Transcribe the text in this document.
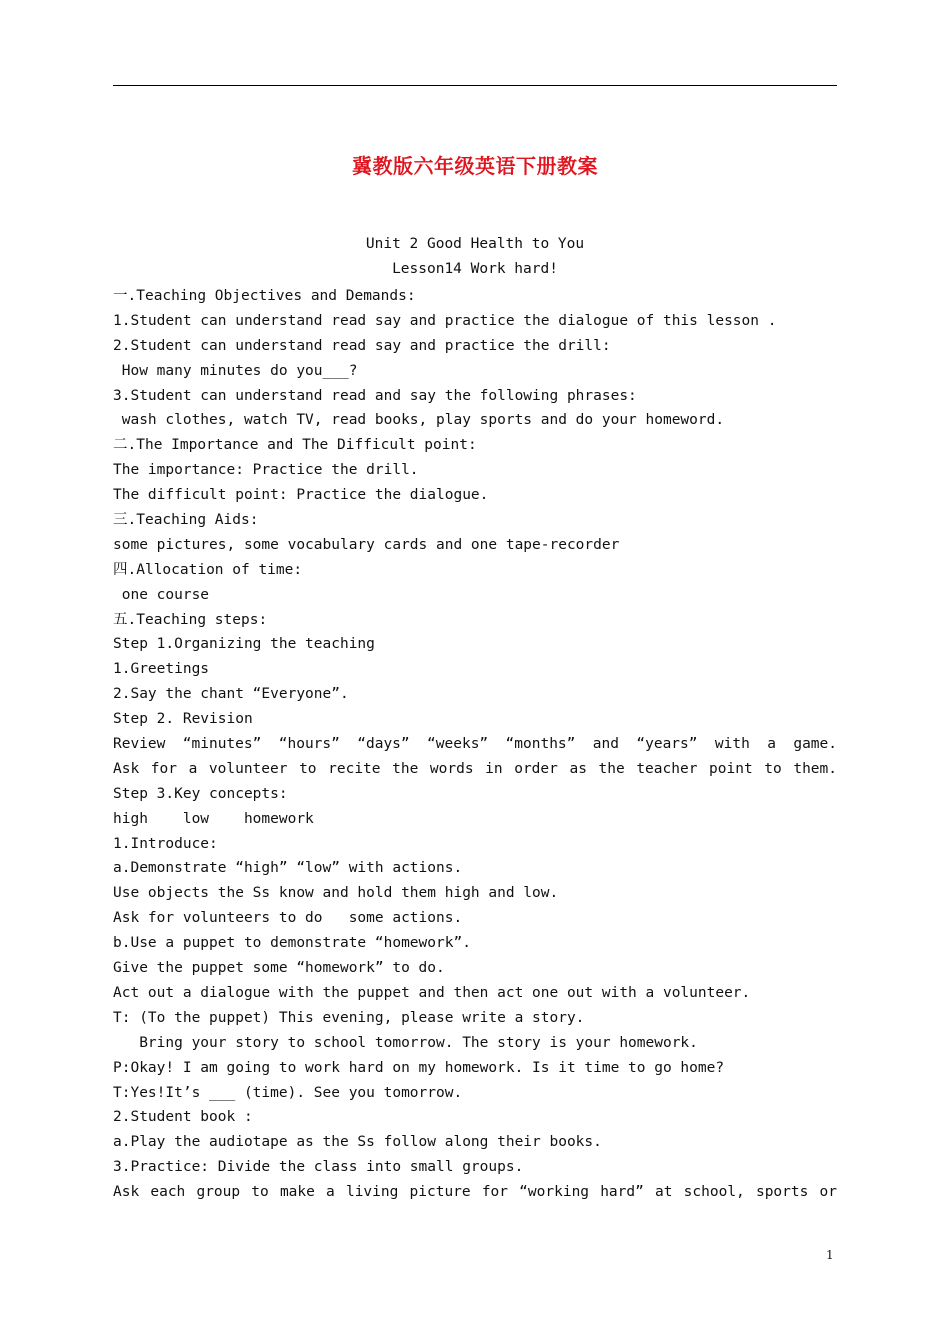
冀教版六年级英语下册教案
Unit 2 Good Health to You
Lesson14 Work hard!
一.Teaching Objectives and Demands:
1.Student can understand read say and practice the dialogue of this lesson .
2.Student can understand read say and practice the drill:
How many minutes do you___?
3.Student can understand read and say the following phrases:
wash clothes, watch TV, read books, play sports and do your homeword.
二.The Importance and The Difficult point:
The importance: Practice the drill.
The difficult point: Practice the dialogue.
三.Teaching Aids:
some pictures, some vocabulary cards and one tape-recorder
四.Allocation of time:
one course
五.Teaching steps:
Step 1.Organizing the teaching
1.Greetings
2.Say the chant “Everyone”.
Step 2. Revision
Review “minutes” “hours” “days” “weeks” “months” and “years” with a game.
Ask for a volunteer to recite the words in order as the teacher point to them.
Step 3.Key concepts:
high    low    homework
1.Introduce:
a.Demonstrate “high” “low” with actions.
Use objects the Ss know and hold them high and low.
Ask for volunteers to do   some actions.
b.Use a puppet to demonstrate “homework”.
Give the puppet some “homework” to do.
Act out a dialogue with the puppet and then act one out with a volunteer.
T: (To the puppet) This evening, please write a story.
Bring your story to school tomorrow. The story is your homework.
P:Okay! I am going to work hard on my homework. Is it time to go home?
T:Yes!It’s ___ (time). See you tomorrow.
2.Student book :
a.Play the audiotape as the Ss follow along their books.
3.Practice: Divide the class into small groups.
Ask each group to make a living picture for “working hard” at school, sports or
1
